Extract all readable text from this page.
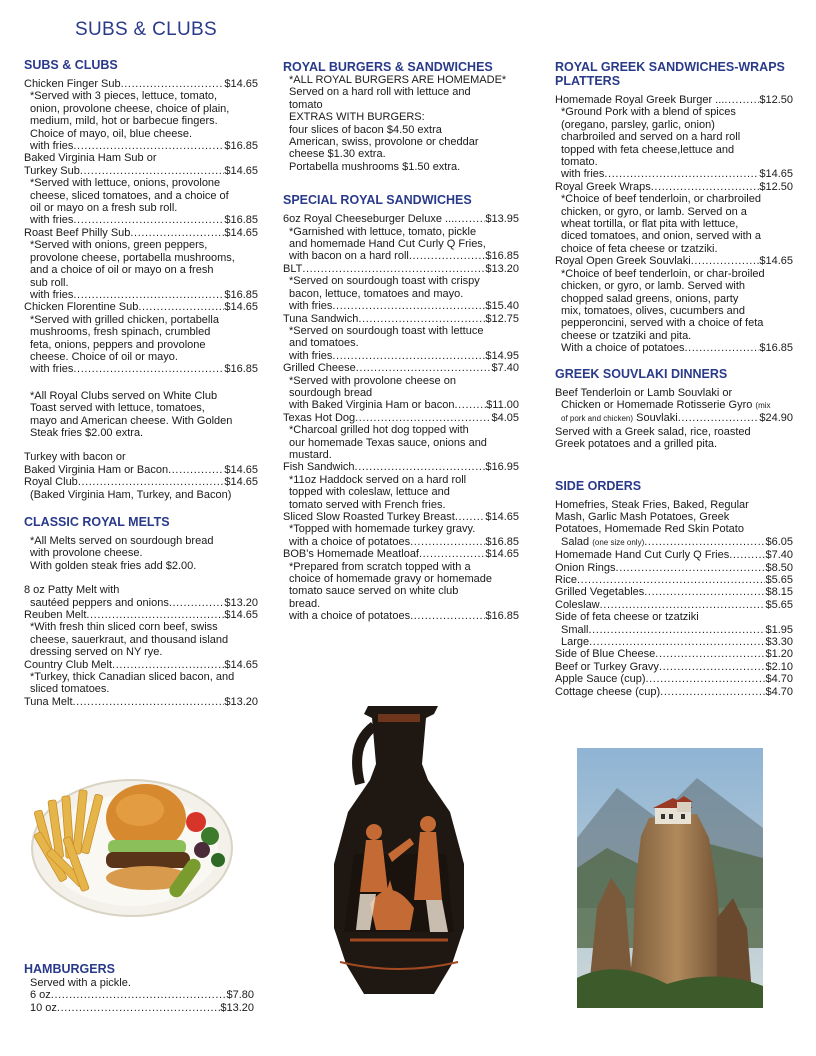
SUBS & CLUBS
SUBS & CLUBS
Chicken Finger Sub .....	$14.65
*Served with 3 pieces, lettuce, tomato,
onion, provolone cheese, choice of plain,
medium, mild, hot or barbecue fingers.
Choice of mayo, oil, blue cheese.
with fries .....	$16.85
Baked Virginia Ham Sub or
Turkey Sub .....	$14.65
*Served with lettuce, onions, provolone
cheese, sliced tomatoes, and a choice of
oil or mayo on a fresh sub roll.
with fries .....	$16.85
Roast Beef Philly Sub .....	$14.65
*Served with onions, green peppers,
provolone cheese, portabella mushrooms,
and a choice of oil or mayo on a fresh
sub roll.
with fries .....	$16.85
Chicken Florentine Sub .....	$14.65
*Served with grilled chicken, portabella
mushrooms, fresh spinach, crumbled
feta, onions, peppers and provolone
cheese. Choice of oil or mayo.
with fries .....	$16.85
*All Royal Clubs served on White Club
Toast served with lettuce, tomatoes,
mayo and American cheese. With Golden
Steak fries $2.00 extra.
Turkey with bacon or
Baked Virginia Ham or Bacon .....	$14.65
Royal Club .....	$14.65
(Baked Virginia Ham, Turkey, and Bacon)
CLASSIC ROYAL MELTS
*All Melts served on sourdough bread
with provolone cheese.
With golden steak fries add $2.00.
8 oz Patty Melt with
sautéed peppers and onions .....	$13.20
Reuben Melt .....	$14.65
*With fresh thin sliced corn beef, swiss
cheese, sauerkraut, and thousand island
dressing served on NY rye.
Country Club Melt .....	$14.65
*Turkey, thick Canadian sliced bacon, and
sliced tomatoes.
Tuna Melt .....	$13.20
HAMBURGERS
Served with a pickle.
6 oz .....	$7.80
10 oz .....	$13.20
ROYAL BURGERS & SANDWICHES
*ALL ROYAL BURGERS ARE HOMEMADE*
Served on a hard roll with lettuce and
tomato
EXTRAS WITH BURGERS:
four slices of bacon $4.50 extra
American, swiss, provolone or cheddar
cheese $1.30 extra.
Portabella mushrooms $1.50 extra.
SPECIAL ROYAL SANDWICHES
6oz Royal Cheeseburger Deluxe ... .....	$13.95
*Garnished with lettuce, tomato, pickle
and homemade Hand Cut Curly Q Fries,
with bacon on a hard roll .....	$16.85
BLT .....	$13.20
*Served on sourdough toast with crispy
bacon, lettuce, tomatoes and mayo.
with fries .....	$15.40
Tuna Sandwich .....	$12.75
*Served on sourdough toast with lettuce
and tomatoes.
with fries .....	$14.95
Grilled Cheese .....	$7.40
*Served with provolone cheese on
sourdough bread
with Baked Virginia Ham or bacon .....	$11.00
Texas Hot Dog .....	$4.05
*Charcoal grilled hot dog topped with
our homemade Texas sauce, onions and
mustard.
Fish Sandwich .....	$16.95
*11oz Haddock served on a hard roll
topped with coleslaw, lettuce and
tomato served with French fries.
Sliced Slow Roasted Turkey Breast .....	$14.65
*Topped with homemade turkey gravy.
with a choice of potatoes .....	$16.85
BOB's Homemade Meatloaf .....	$14.65
*Prepared from scratch topped with a
choice of homemade gravy or homemade
tomato sauce served on white club
bread.
with a choice of potatoes .....	$16.85
ROYAL GREEK SANDWICHES-WRAPS
PLATTERS
Homemade Royal Greek Burger ... .....	$12.50
*Ground Pork with a blend of spices
(oregano, parsley, garlic, onion)
charbroiled and served on a hard roll
topped with feta cheese,lettuce and
tomato.
with fries .....	$14.65
Royal Greek Wraps .....	$12.50
*Choice of beef tenderloin, or charbroiled
chicken, or gyro, or lamb. Served on a
wheat tortilla, or flat pita with lettuce,
diced tomatoes, and onion, served with a
choice of feta cheese or tzatziki.
Royal Open Greek Souvlaki .....	$14.65
*Choice of beef tenderloin, or char-broiled
chicken, or gyro, or lamb. Served with
chopped salad greens, onions, party
mix, tomatoes, olives, cucumbers and
pepperoncini, served with a choice of feta
cheese or tzatziki and pita.
With a choice of potatoes .....	$16.85
GREEK SOUVLAKI DINNERS
Beef Tenderloin or Lamb Souvlaki or
Chicken or Homemade Rotisserie Gyro (mix
of pork and chicken) Souvlaki .....	$24.90
Served with a Greek salad, rice, roasted
Greek potatoes and a grilled pita.
SIDE ORDERS
Homefries, Steak Fries, Baked, Regular
Mash, Garlic Mash Potatoes, Greek
Potatoes, Homemade Red Skin Potato
Salad (one size only) .....	$6.05
Homemade Hand Cut Curly Q Fries .....	$7.40
Onion Rings .....	$8.50
Rice .....	$5.65
Grilled Vegetables .....	$8.15
Coleslaw .....	$5.65
Side of feta cheese or tzatziki
Small .....	$1.95
Large .....	$3.30
Side of Blue Cheese .....	$1.20
Beef or Turkey Gravy .....	$2.10
Apple Sauce (cup) .....	$4.70
Cottage cheese (cup) .....	$4.70
